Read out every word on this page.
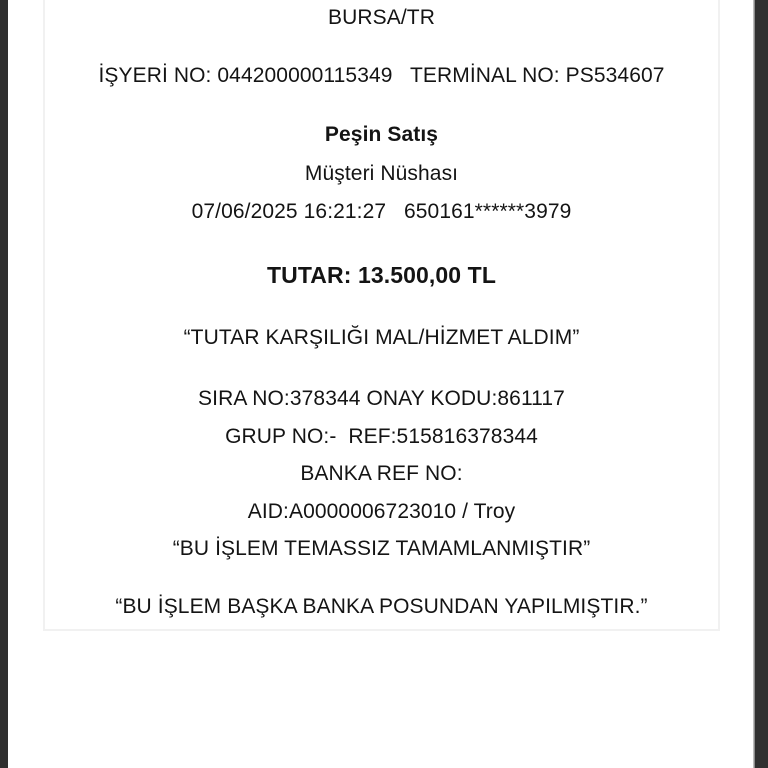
BURSA/TR
İŞYERİ NO: 044200000115349   TERMİNAL NO: PS534607
Peşin Satış
Müşteri Nüshası
07/06/2025 16:21:27   650161******3979
TUTAR: 13.500,00 TL
“TUTAR KARŞILIĞI MAL/HİZMET ALDIM”
SIRA NO:378344 ONAY KODU:861117
GRUP NO:-  REF:515816378344
BANKA REF NO:
AID:A0000006723010 / Troy
“BU İŞLEM TEMASSIZ TAMAMLANMIŞTIR”
“BU İŞLEM BAŞKA BANKA POSUNDAN YAPILMIŞTIR.”
